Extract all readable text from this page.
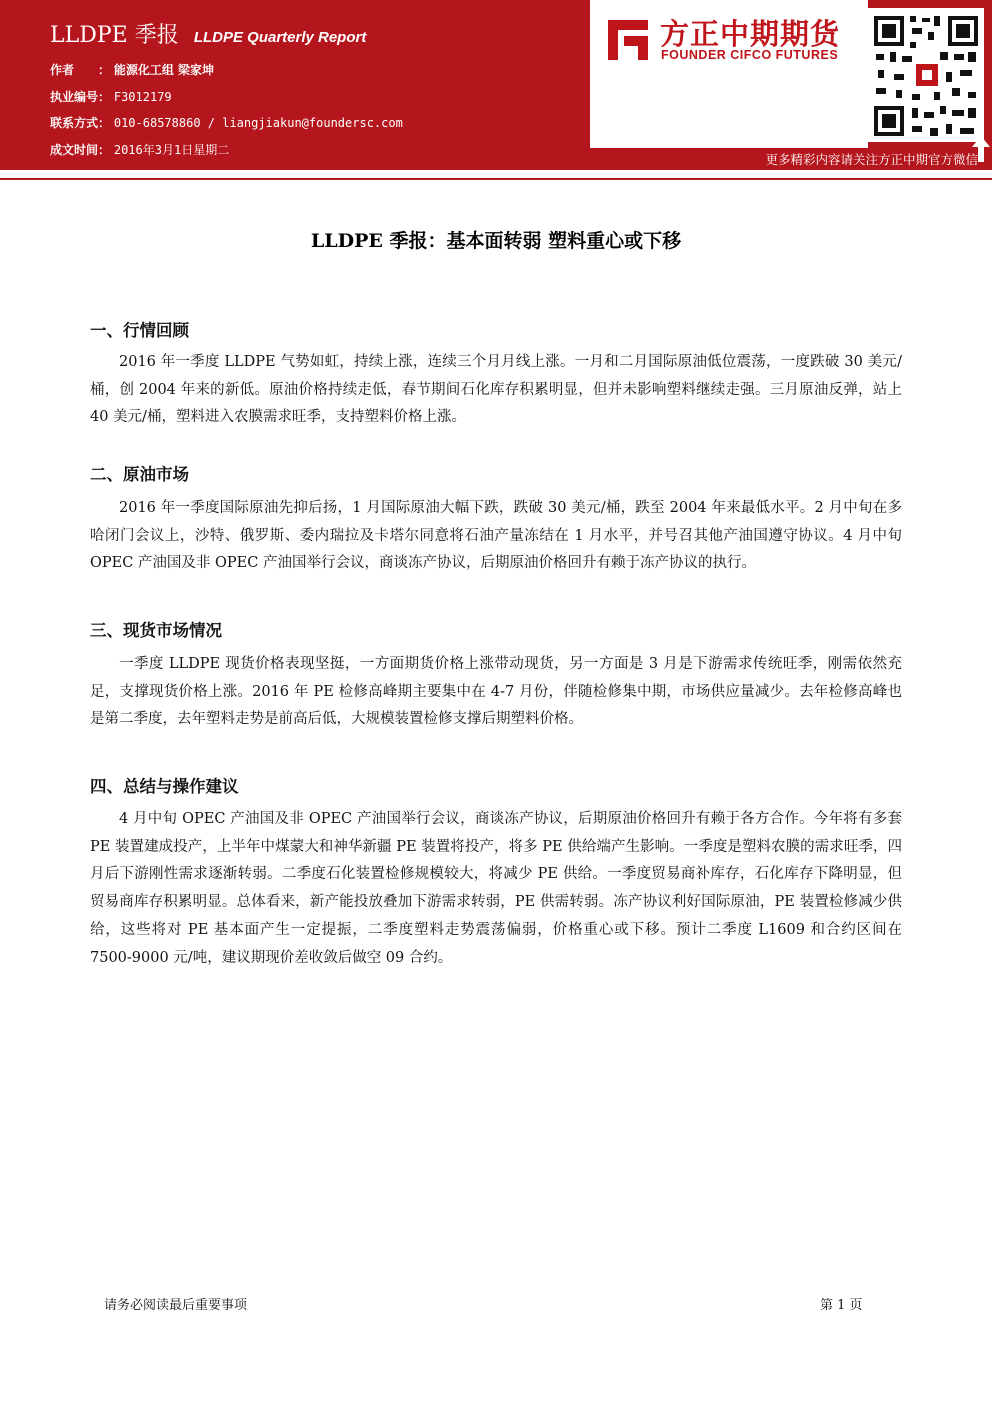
LLDPE 季报 LLDPE Quarterly Report
作者　　： 能源化工组 梁家坤
执业编号： F3012179
联系方式： 010-68578860 / liangjiakun@foundersc.com
成文时间： 2016年3月1日星期二
方正中期期货
FOUNDER CIFCO FUTURES
更多精彩内容请关注方正中期官方微信
LLDPE 季报：基本面转弱 塑料重心或下移
一、行情回顾
2016 年一季度 LLDPE 气势如虹，持续上涨，连续三个月月线上涨。一月和二月国际原油低位震荡，一度跌破 30 美元/桶，创 2004 年来的新低。原油价格持续走低，春节期间石化库存积累明显，但并未影响塑料继续走强。三月原油反弹，站上 40 美元/桶，塑料进入农膜需求旺季，支持塑料价格上涨。
二、原油市场
2016 年一季度国际原油先抑后扬，1 月国际原油大幅下跌，跌破 30 美元/桶，跌至 2004 年来最低水平。2 月中旬在多哈闭门会议上，沙特、俄罗斯、委内瑞拉及卡塔尔同意将石油产量冻结在 1 月水平，并号召其他产油国遵守协议。4 月中旬 OPEC 产油国及非 OPEC 产油国举行会议，商谈冻产协议，后期原油价格回升有赖于冻产协议的执行。
三、现货市场情况
一季度 LLDPE 现货价格表现坚挺，一方面期货价格上涨带动现货，另一方面是 3 月是下游需求传统旺季，刚需依然充足，支撑现货价格上涨。2016 年 PE 检修高峰期主要集中在 4-7 月份，伴随检修集中期，市场供应量减少。去年检修高峰也是第二季度，去年塑料走势是前高后低，大规模装置检修支撑后期塑料价格。
四、总结与操作建议
4 月中旬 OPEC 产油国及非 OPEC 产油国举行会议，商谈冻产协议，后期原油价格回升有赖于各方合作。今年将有多套 PE 装置建成投产，上半年中煤蒙大和神华新疆 PE 装置将投产，将多 PE 供给端产生影响。一季度是塑料农膜的需求旺季，四月后下游刚性需求逐渐转弱。二季度石化装置检修规模较大，将减少 PE 供给。一季度贸易商补库存，石化库存下降明显，但贸易商库存积累明显。总体看来，新产能投放叠加下游需求转弱，PE 供需转弱。冻产协议利好国际原油，PE 装置检修减少供给，这些将对 PE 基本面产生一定提振，二季度塑料走势震荡偏弱，价格重心或下移。预计二季度 L1609 和合约区间在 7500-9000 元/吨，建议期现价差收敛后做空 09 合约。
请务必阅读最后重要事项	第 1 页
